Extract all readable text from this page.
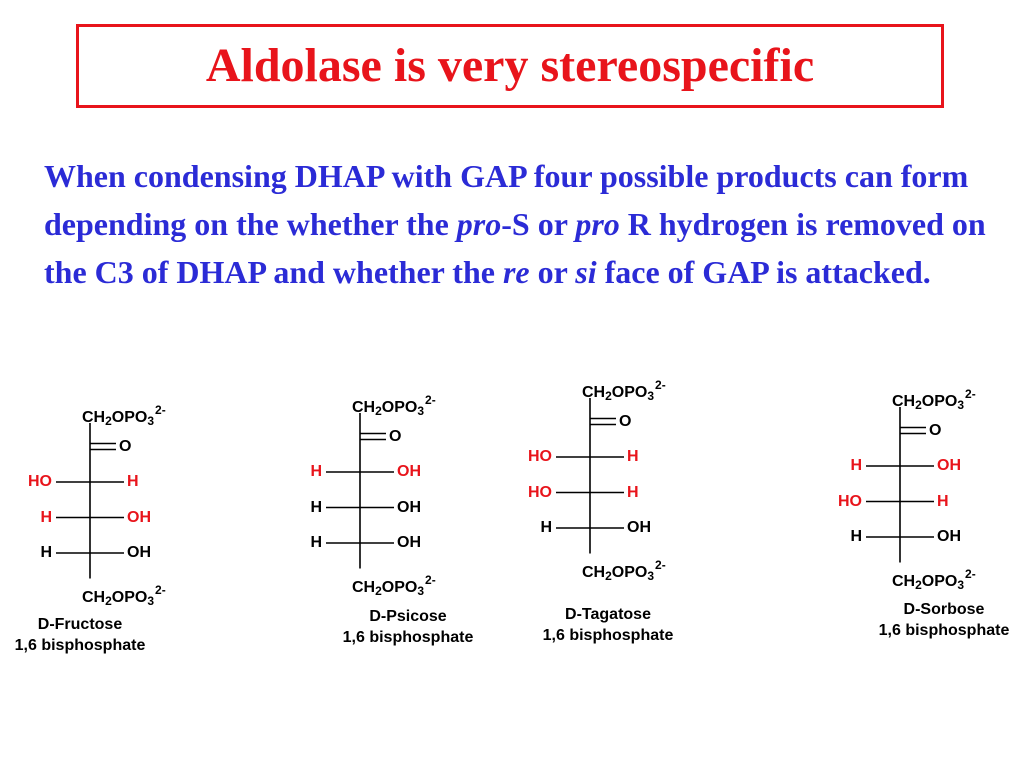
Aldolase is very stereospecific

When condensing DHAP with GAP four possible products can form depending on the whether the pro-S or pro R hydrogen is removed on the C3 of DHAP and whether the re or si face of GAP is attacked.

$CH_2OPO_3^{2-}$
O
HO	H
H	OH
H	OH
$CH_2OPO_3^{2-}$
D-Fructose
1,6 bisphosphate
$CH_2OPO_3^{2-}$
O
H	OH
H	OH
H	OH
$CH_2OPO_3^{2-}$
D-Psicose
1,6 bisphosphate
$CH_2OPO_3^{2-}$
O
HO	H
HO	H
H	OH
$CH_2OPO_3^{2-}$
D-Tagatose
1,6 bisphosphate
$CH_2OPO_3^{2-}$
O
H	OH
HO	H
H	OH
$CH_2OPO_3^{2-}$
D-Sorbose
1,6 bisphosphate
